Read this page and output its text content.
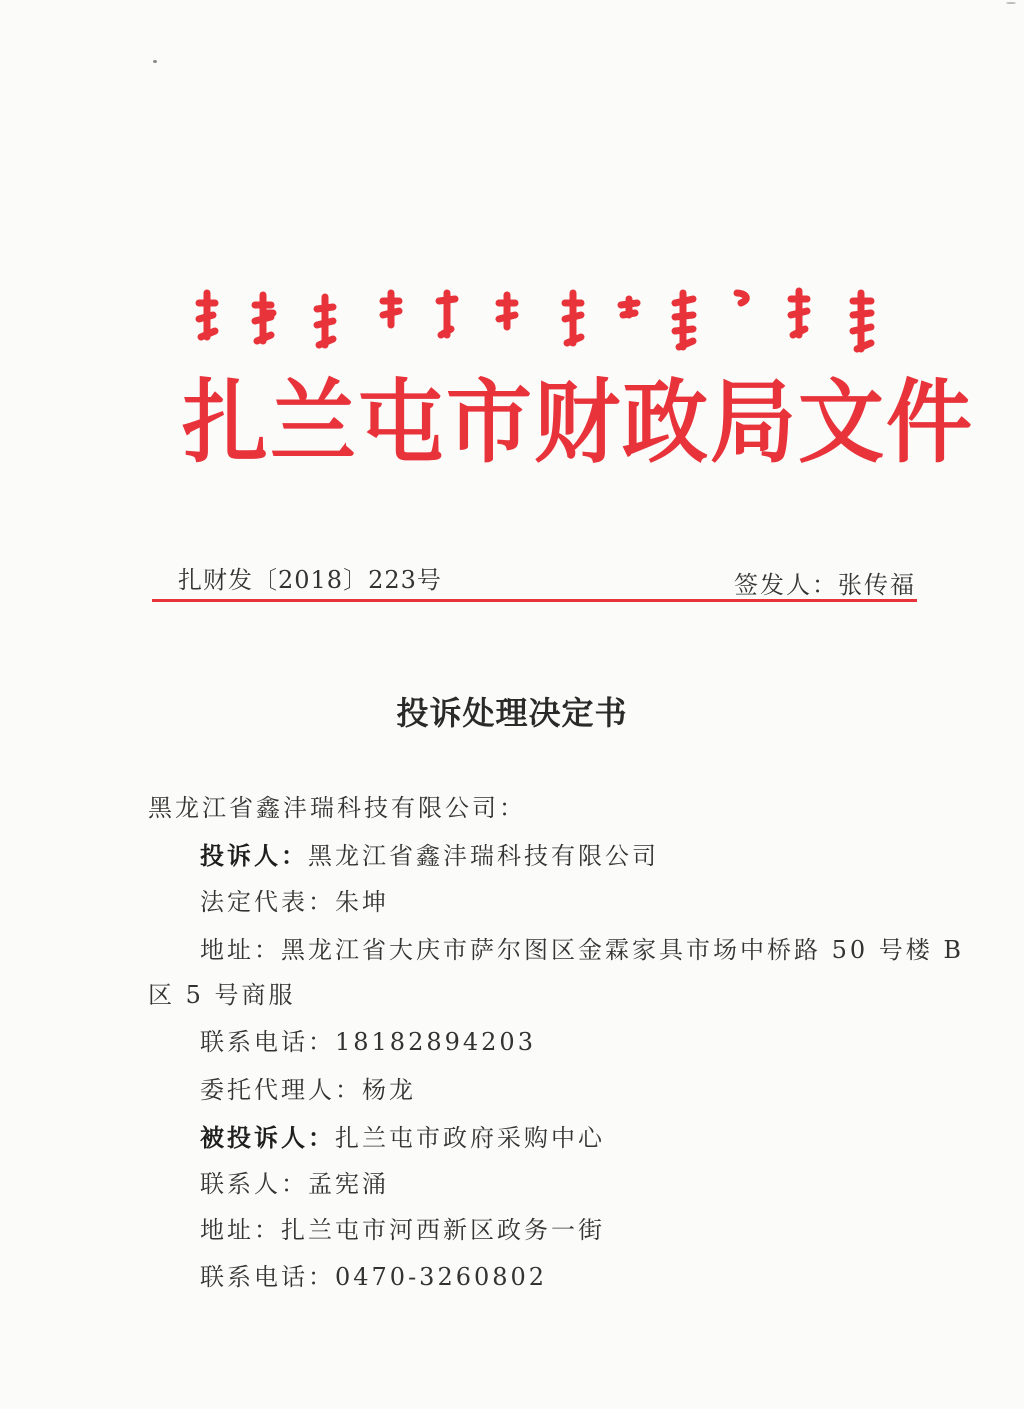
扎兰屯市财政局文件
扎财发〔2018〕223号	签发人：张传福
投诉处理决定书
黑龙江省鑫沣瑞科技有限公司：
投诉人：黑龙江省鑫沣瑞科技有限公司
法定代表：朱坤
地址：黑龙江省大庆市萨尔图区金霖家具市场中桥路 50 号楼 B
区 5 号商服
联系电话：18182894203
委托代理人：杨龙
被投诉人：扎兰屯市政府采购中心
联系人：孟宪涌
地址：扎兰屯市河西新区政务一街
联系电话：0470-3260802
